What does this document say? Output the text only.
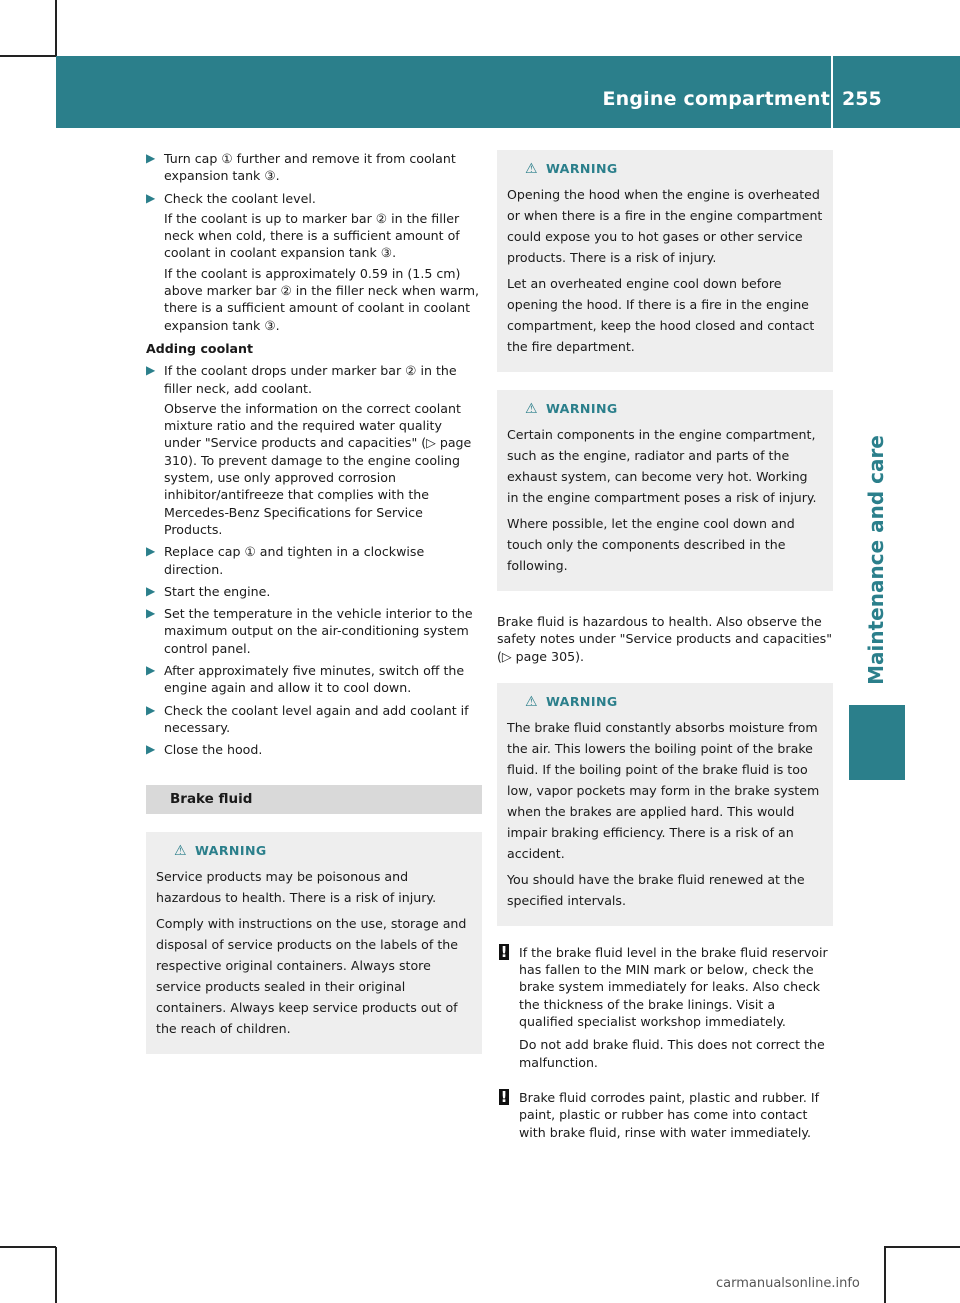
Engine compartment 255
Maintenance and care
▶ Turn cap ① further and remove it from coolant expansion tank ③.
▶ Check the coolant level.
If the coolant is up to marker bar ② in the filler neck when cold, there is a sufficient amount of coolant in coolant expansion tank ③.
If the coolant is approximately 0.59 in (1.5 cm) above marker bar ② in the filler neck when warm, there is a sufficient amount of coolant in coolant expansion tank ③.
Adding coolant
▶ If the coolant drops under marker bar ② in the filler neck, add coolant.
Observe the information on the correct coolant mixture ratio and the required water quality under "Service products and capacities" (▷ page 310). To prevent damage to the engine cooling system, use only approved corrosion inhibitor/antifreeze that complies with the Mercedes-Benz Specifications for Service Products.
▶ Replace cap ① and tighten in a clockwise direction.
▶ Start the engine.
▶ Set the temperature in the vehicle interior to the maximum output on the air-conditioning system control panel.
▶ After approximately five minutes, switch off the engine again and allow it to cool down.
▶ Check the coolant level again and add coolant if necessary.
▶ Close the hood.
Brake fluid
⚠ WARNING

Service products may be poisonous and hazardous to health. There is a risk of injury.

Comply with instructions on the use, storage and disposal of service products on the labels of the respective original containers. Always store service products sealed in their original containers. Always keep service products out of the reach of children.

⚠ WARNING

Opening the hood when the engine is overheated or when there is a fire in the engine compartment could expose you to hot gases or other service products. There is a risk of injury.

Let an overheated engine cool down before opening the hood. If there is a fire in the engine compartment, keep the hood closed and contact the fire department.

⚠ WARNING

Certain components in the engine compartment, such as the engine, radiator and parts of the exhaust system, can become very hot. Working in the engine compartment poses a risk of injury.

Where possible, let the engine cool down and touch only the components described in the following.

Brake fluid is hazardous to health. Also observe the safety notes under "Service products and capacities" (▷ page 305).
⚠ WARNING

The brake fluid constantly absorbs moisture from the air. This lowers the boiling point of the brake fluid. If the boiling point of the brake fluid is too low, vapor pockets may form in the brake system when the brakes are applied hard. This would impair braking efficiency. There is a risk of an accident.

You should have the brake fluid renewed at the specified intervals.

! If the brake fluid level in the brake fluid reservoir has fallen to the MIN mark or below, check the brake system immediately for leaks. Also check the thickness of the brake linings. Visit a qualified specialist workshop immediately.

Do not add brake fluid. This does not correct the malfunction.

! Brake fluid corrodes paint, plastic and rubber. If paint, plastic or rubber has come into contact with brake fluid, rinse with water immediately.

carmanualsonline.info
